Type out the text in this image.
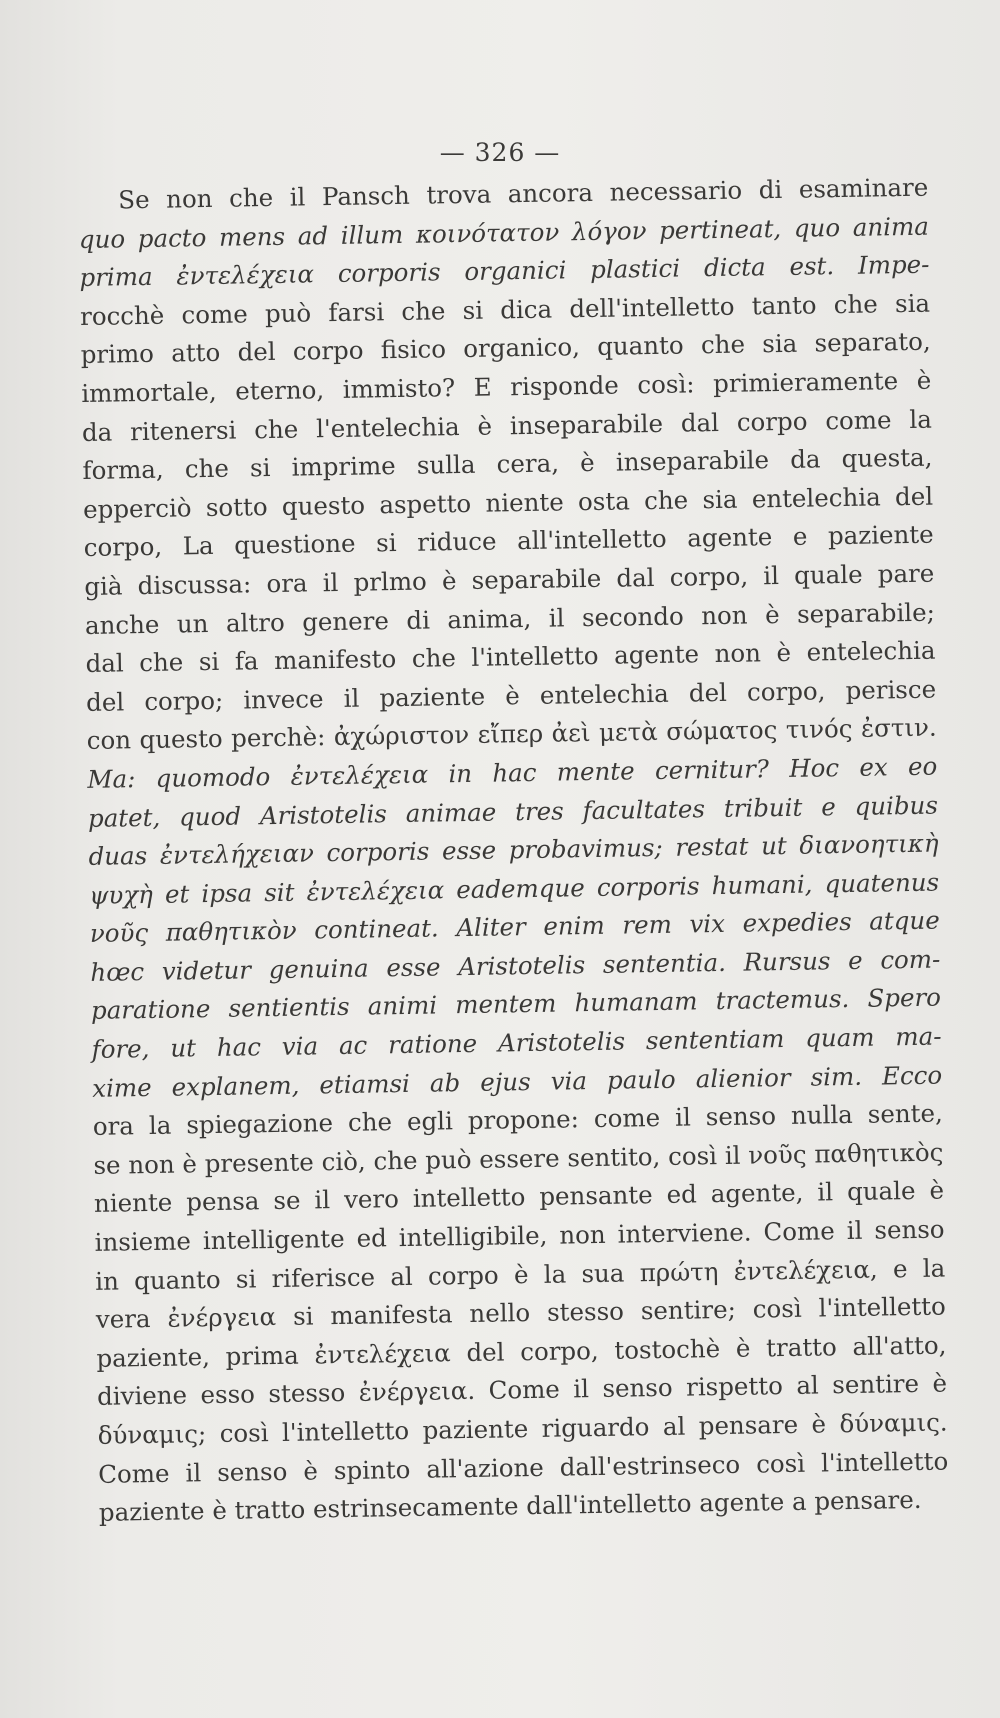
— 326 —
Se non che il Pansch trova ancora necessario di esaminare
quo pacto mens ad illum κοινότατον λόγον pertineat, quo anima
prima ἐντελέχεια corporis organici plastici dicta est. Impe-
rocchè come può farsi che si dica dell'intelletto tanto che sia
primo atto del corpo fisico organico, quanto che sia separato,
immortale, eterno, immisto? E risponde così: primieramente è
da ritenersi che l'entelechia è inseparabile dal corpo come la
forma, che si imprime sulla cera, è inseparabile da questa,
epperciò sotto questo aspetto niente osta che sia entelechia del
corpo, La questione si riduce all'intelletto agente e paziente
già discussa: ora il prlmo è separabile dal corpo, il quale pare
anche un altro genere di anima, il secondo non è separabile;
dal che si fa manifesto che l'intelletto agente non è entelechia
del corpo; invece il paziente è entelechia del corpo, perisce
con questo perchè: ἀχώριστον εἴπερ ἀεὶ μετὰ σώματος τινός ἐστιν.
Ma: quomodo ἐντελέχεια in hac mente cernitur? Hoc ex eo
patet, quod Aristotelis animae tres facultates tribuit e quibus
duas ἐντελήχειαν corporis esse probavimus; restat ut διανοητικὴ
ψυχὴ et ipsa sit ἐντελέχεια eademque corporis humani, quatenus
νοῦς παθητικὸν contineat. Aliter enim rem vix expedies atque
hœc videtur genuina esse Aristotelis sententia. Rursus e com-
paratione sentientis animi mentem humanam tractemus. Spero
fore, ut hac via ac ratione Aristotelis sententiam quam ma-
xime explanem, etiamsi ab ejus via paulo alienior sim. Ecco
ora la spiegazione che egli propone: come il senso nulla sente,
se non è presente ciò, che può essere sentito, così il νοῦς παθητικὸς
niente pensa se il vero intelletto pensante ed agente, il quale è
insieme intelligente ed intelligibile, non interviene. Come il senso
in quanto si riferisce al corpo è la sua πρώτη ἐντελέχεια, e la
vera ἐνέργεια si manifesta nello stesso sentire; così l'intelletto
paziente, prima ἐντελέχεια del corpo, tostochè è tratto all'atto,
diviene esso stesso ἐνέργεια. Come il senso rispetto al sentire è
δύναμις; così l'intelletto paziente riguardo al pensare è δύναμις.
Come il senso è spinto all'azione dall'estrinseco così l'intelletto
paziente è tratto estrinsecamente dall'intelletto agente a pensare.
